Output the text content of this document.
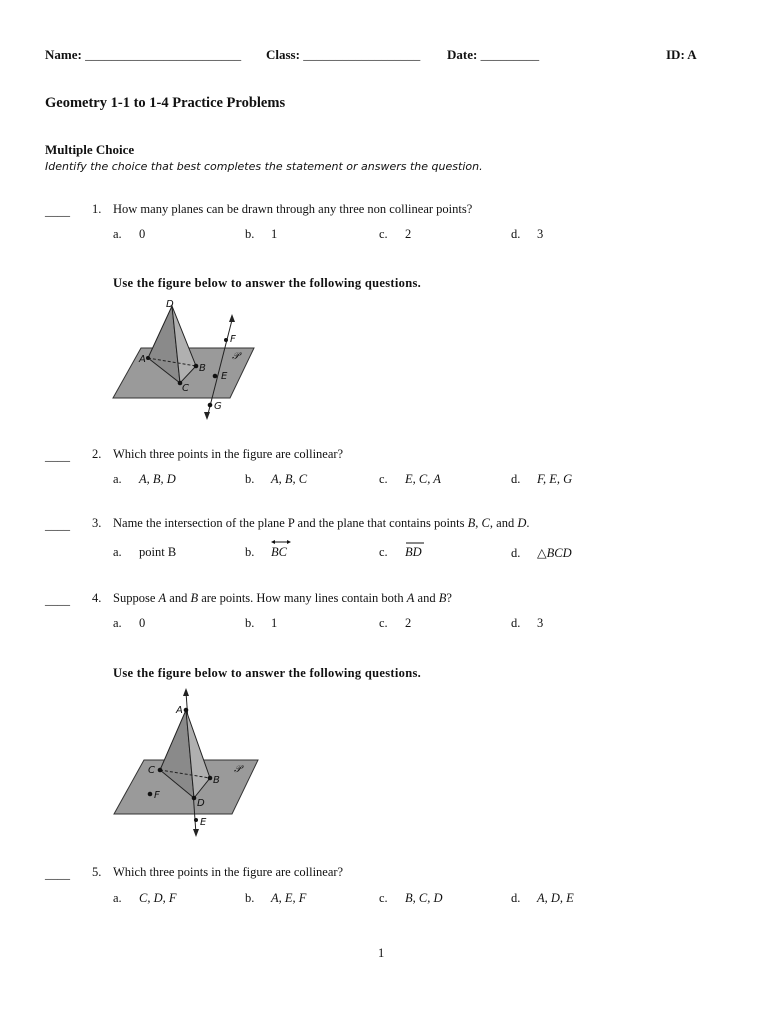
Name: ________________________ Class: __________________ Date: _________	ID: A
Geometry 1-1 to 1-4 Practice Problems
Multiple Choice
Identify the choice that best completes the statement or answers the question.
____ 1. How many planes can be drawn through any three non collinear points?
a. 0	b. 1	c. 2	d. 3
Use the figure below to answer the following questions.
D
A
B
C
E
F
G
𝒫
____ 2. Which three points in the figure are collinear?
a. A, B, D	b. A, B, C	c. E, C, A	d. F, E, G
____ 3. Name the intersection of the plane P and the plane that contains points B, C, and D.
a. point B	b. BC	c. BD	d. △BCD
____ 4. Suppose A and B are points. How many lines contain both A and B?
a. 0	b. 1	c. 2	d. 3
Use the figure below to answer the following questions.
A
C
B
D
F
E
𝒫
____ 5. Which three points in the figure are collinear?
a. C, D, F	b. A, E, F	c. B, C, D	d. A, D, E
1
